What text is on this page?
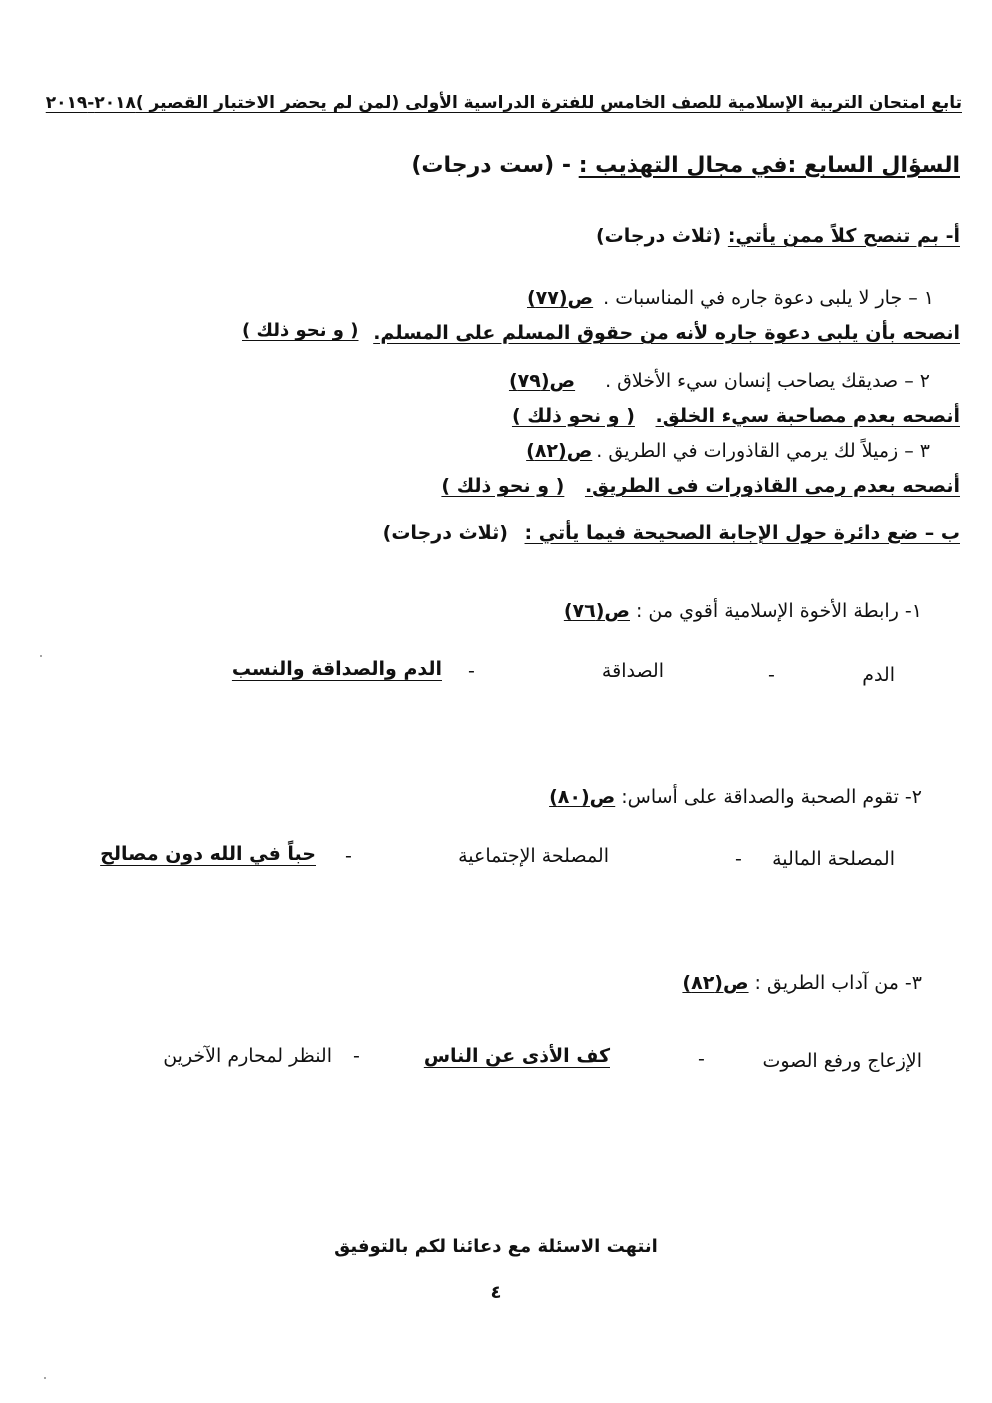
تابع امتحان التربية الإسلامية للصف الخامس للفترة الدراسية الأولى (لمن لم يحضر الاختبار القصير )٢٠١٨-٢٠١٩
السؤال السابع :في مجال التهذيب : - (ست درجات)
أ- بم تنصح كلاً ممن يأتي: (ثلاث درجات)
١ – جار لا يلبى دعوة جاره في المناسبات .ص(٧٧)
انصحه بأن يلبى دعوة جاره لأنه من حقوق المسلم على المسلم.
( و نحو ذلك )
٢ – صديقك يصاحب إنسان سيء الأخلاق .ص(٧٩)
أنصحه بعدم مصاحبة سيء الخلق. ( و نحو ذلك )
٣ – زميلاً لك يرمي القاذورات في الطريق .ص(٨٢)
أنصحه بعدم رمى القاذورات فى الطريق. ( و نحو ذلك )
ب – ضع دائرة حول الإجابة الصحيحة فيما يأتي : (ثلاث درجات)
١- رابطة الأخوة الإسلامية أقوي من :ص(٧٦)
الدم
-
الصداقة
-
الدم والصداقة والنسب
٢- تقوم الصحبة والصداقة على أساس:ص(٨٠)
المصلحة المالية
-
المصلحة الإجتماعية
-
حباً في الله دون مصالح
٣- من آداب الطريق :ص(٨٢)
الإزعاج ورفع الصوت
-
كف الأذى عن الناس
-
النظر لمحارم الآخرين
انتهت الاسئلة مع دعائنا لكم بالتوفيق
٤
